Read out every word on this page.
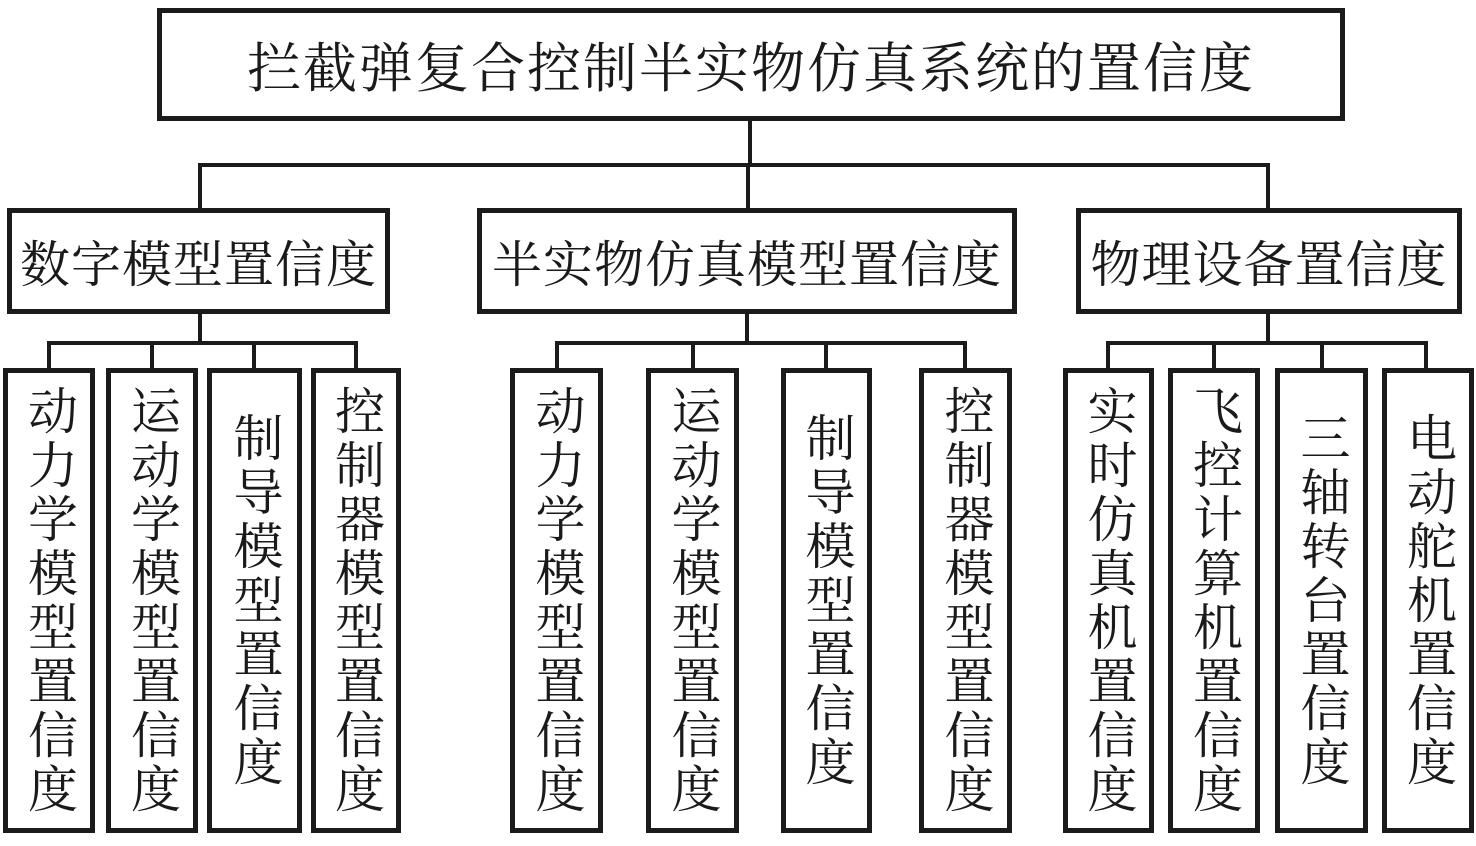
拦截弹复合控制半实物仿真系统的置信度
数字模型置信度 半实物仿真模型置信度 物理设备置信度
动力学模型置信度 运动学模型置信度 制导模型置信度 控制器模型置信度	动力学模型置信度 运动学模型置信度 制导模型置信度 控制器模型置信度 实时仿真机置信度 飞控计算机置信度 三轴转台置信度 电动舵机置信度
